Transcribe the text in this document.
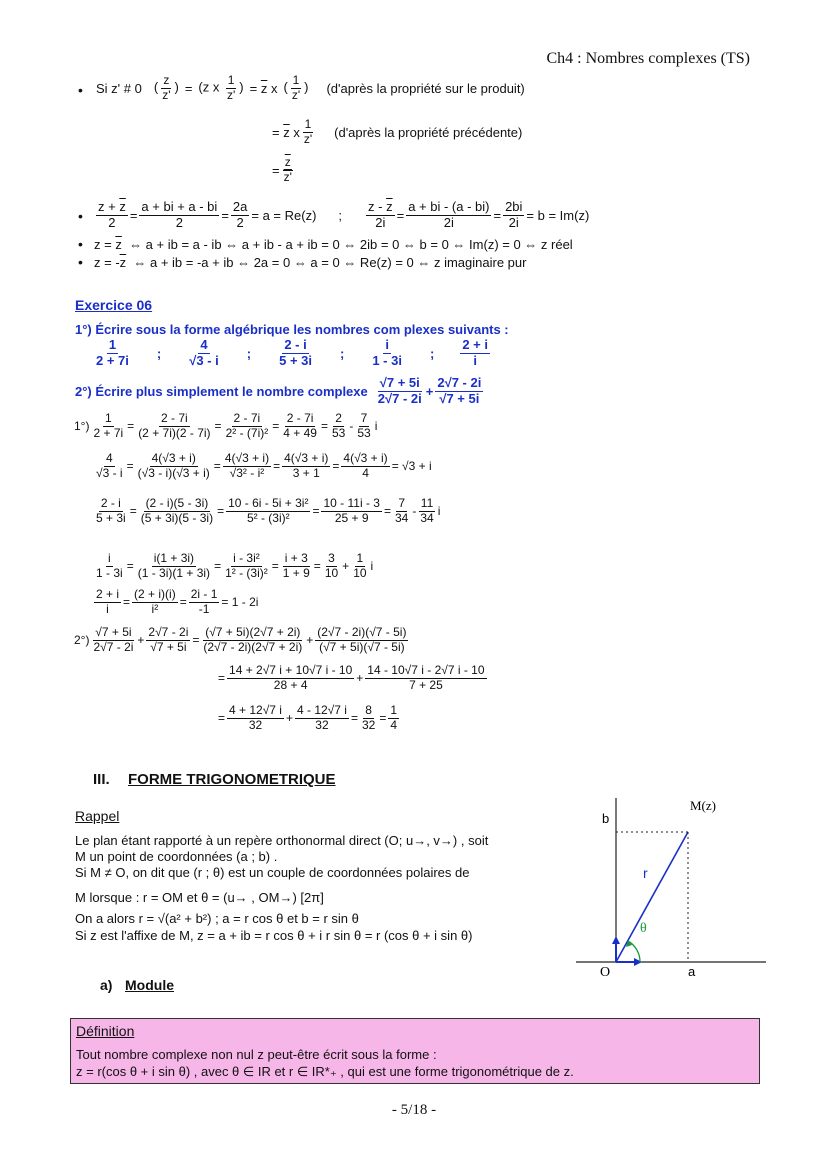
Ch4 : Nombres complexes (TS)
• Si z' # 0 ( $\frac{z}{z'}$ ) = (z x $\frac{1}{z'}$ ) = $\overline{z}$ x ( $\frac{1}{z'}$ ) (d'après la propriété sur le produit)
= $\overline{z}$ x $\frac{1}{z'}$ (d'après la propriété précédente)
= $\frac{\overline{z}}{z'}$
• $\frac{z + \overline{z}}{2} = \frac{a + bi + a - bi}{2} = \frac{2a}{2} = a = Re(z)$ ; $\frac{z - \overline{z}}{2i} = \frac{a + bi - (a - bi)}{2i} = \frac{2bi}{2i} = b = Im(z)$
• $z = \overline{z}$ ⇔ a + ib = a - ib ⇔ a + ib - a + ib = 0 ⇔ 2ib = 0 ⇔ b = 0 ⇔ Im(z) = 0 ⇔ z réel
• $z = -\overline{z}$ ⇔ a + ib = -a + ib ⇔ 2a = 0 ⇔ a = 0 ⇔ Re(z) = 0 ⇔ z imaginaire pur
Exercice 06
1°) Écrire sous la forme algébrique les nombres com plexes suivants :
$\frac{1}{2 + 7i}$ ; $\frac{4}{√3 - i}$ ; $\frac{2 - i}{5 + 3i}$ ; $\frac{i}{1 - 3i}$ ; $\frac{2 + i}{i}$
2°) Écrire plus simplement le nombre complexe $\frac{√7 + 5i}{2√7 - 2i} + \frac{2√7 - 2i}{√7 + 5i}$
$1^\circ) \frac{1}{2 + 7i} = \frac{2 - 7i}{(2 + 7i)(2 - 7i)} = \frac{2 - 7i}{\text{2² - (7i)²}} = \frac{2 - 7i}{4 + 49} = \frac{2}{53} - \frac{7}{53}$ i
$\frac{4}{√3 - i} = \frac{4(√3 + i)}{(√3 - i)(√3 + i)} = \frac{4(√3 + i)}{\text{√3² - i²}} = \frac{4(√3 + i)}{3 + 1} = \frac{4(√3 + i)}{4} = √3 + i$
$\frac{2 - i}{5 + 3i} = \frac{(2 - i)(5 - 3i)}{(5 + 3i)(5 - 3i)} = \frac{\text{10 - 6i - 5i + 3i²}}{\text{5² - (3i)²}} = \frac{10 - 11i - 3}{25 + 9} = \frac{7}{34} - \frac{11}{34}$ i
$\frac{i}{1 - 3i} = \frac{i(1 + 3i)}{(1 - 3i)(1 + 3i)} = \frac{\text{i - 3i²}}{\text{1² - (3i)²}} = \frac{i + 3}{1 + 9} = \frac{3}{10} + \frac{1}{10}$ i
$\frac{2 + i}{i} = \frac{(2 + i)(i)}{\text{i²}} = \frac{2i - 1}{-1} = 1 - 2i$
$2^\circ) \frac{√7 + 5i}{2√7 - 2i} + \frac{2√7 - 2i}{√7 + 5i} = \frac{(√7 + 5i)(2√7 + 2i)}{(2√7 - 2i)(2√7 + 2i)} + \frac{(2√7 - 2i)(√7 - 5i)}{(√7 + 5i)(√7 - 5i)}$
= $\frac{14 + 2√7 i + 10√7 i - 10}{28 + 4} + \frac{14 - 10√7 i - 2√7 i - 10}{7 + 25}$
= $\frac{4 + 12√7 i}{32} + \frac{4 - 12√7 i}{32} = \frac{8}{32} = \frac{1}{4}$
III. FORME TRIGONOMETRIQUE
Rappel
Le plan étant rapporté à un repère orthonormal direct (O; u→, v→) , soit
M un point de coordonnées (a ; b) .
Si M ≠ O, on dit que (r ; θ) est un couple de coordonnées polaires de
M lorsque : r = OM et θ = (u→ , OM→) [2π]
On a alors r = √(a² + b²) ; a = r cos θ et b = r sin θ
Si z est l'affixe de M, z = a + ib = r cos θ + i r sin θ = r (cos θ + i sin θ)
a) Module
M(z)
b
r
θ
O	a
Définition
Tout nombre complexe non nul z peut-être écrit sous la forme :
z = r(cos θ + i sin θ) , avec θ ∈ IR et r ∈ IR*₊ , qui est une forme trigonométrique de z.
- 5/18 -
